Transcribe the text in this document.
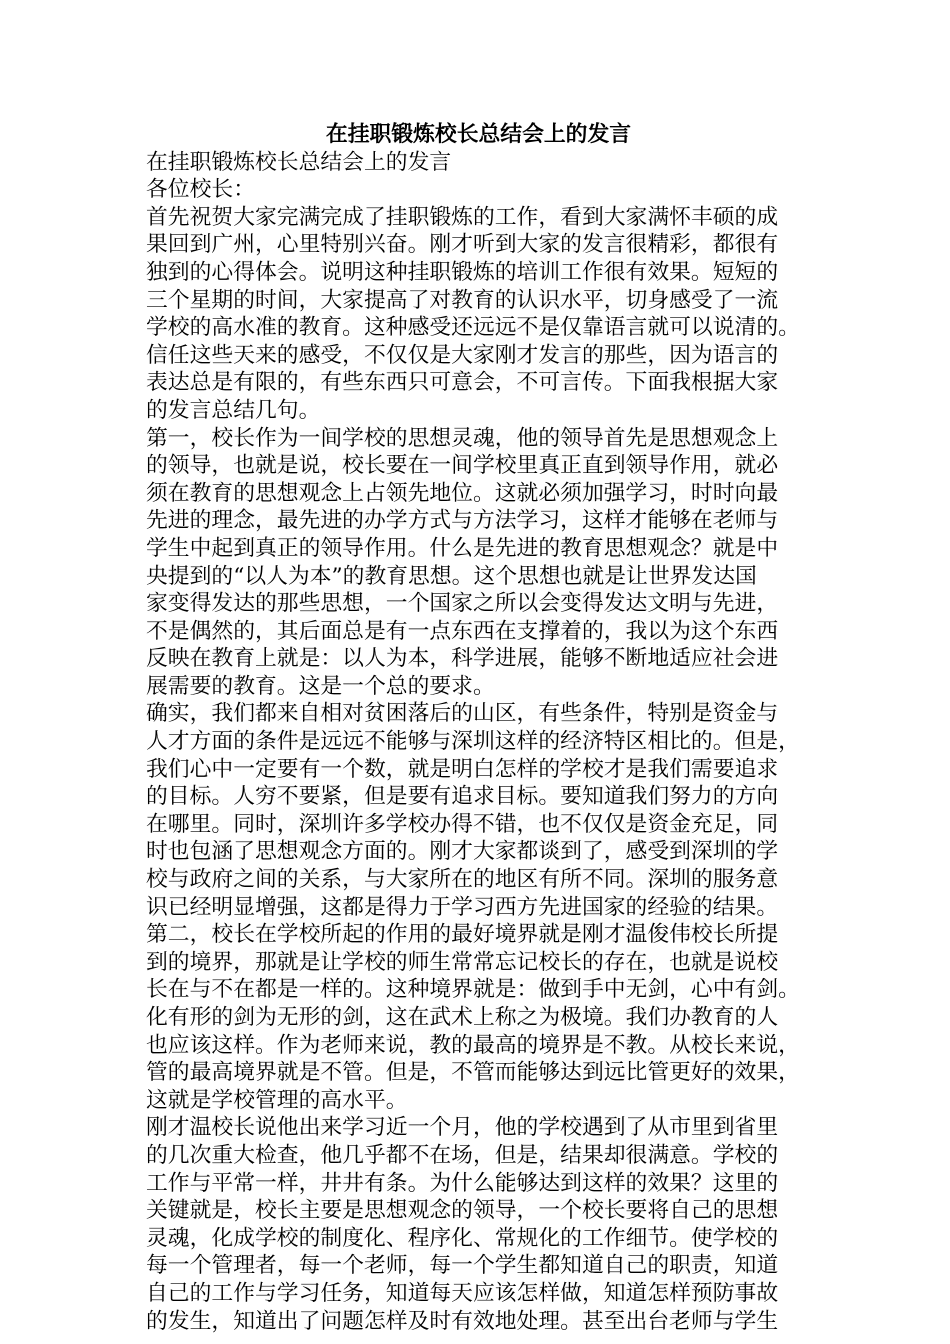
在挂职锻炼校长总结会上的发言

在挂职锻炼校长总结会上的发言

各位校长：

首先祝贺大家完满完成了挂职锻炼的工作，看到大家满怀丰硕的成

果回到广州，心里特别兴奋。刚才听到大家的发言很精彩，都很有

独到的心得体会。说明这种挂职锻炼的培训工作很有效果。短短的

三个星期的时间，大家提高了对教育的认识水平，切身感受了一流

学校的高水准的教育。这种感受还远远不是仅靠语言就可以说清的。

信任这些天来的感受，不仅仅是大家刚才发言的那些，因为语言的

表达总是有限的，有些东西只可意会，不可言传。下面我根据大家

的发言总结几句。

第一，校长作为一间学校的思想灵魂，他的领导首先是思想观念上

的领导，也就是说，校长要在一间学校里真正直到领导作用，就必

须在教育的思想观念上占领先地位。这就必须加强学习，时时向最

先进的理念，最先进的办学方式与方法学习，这样才能够在老师与

学生中起到真正的领导作用。什么是先进的教育思想观念？就是中

央提到的“以人为本”的教育思想。这个思想也就是让世界发达国

家变得发达的那些思想，一个国家之所以会变得发达文明与先进，

不是偶然的，其后面总是有一点东西在支撑着的，我以为这个东西

反映在教育上就是：以人为本，科学进展，能够不断地适应社会进

展需要的教育。这是一个总的要求。

确实，我们都来自相对贫困落后的山区，有些条件，特别是资金与

人才方面的条件是远远不能够与深圳这样的经济特区相比的。但是，

我们心中一定要有一个数，就是明白怎样的学校才是我们需要追求

的目标。人穷不要紧，但是要有追求目标。要知道我们努力的方向

在哪里。同时，深圳许多学校办得不错，也不仅仅是资金充足，同

时也包涵了思想观念方面的。刚才大家都谈到了，感受到深圳的学

校与政府之间的关系，与大家所在的地区有所不同。深圳的服务意

识已经明显增强，这都是得力于学习西方先进国家的经验的结果。

第二，校长在学校所起的作用的最好境界就是刚才温俊伟校长所提

到的境界，那就是让学校的师生常常忘记校长的存在，也就是说校

长在与不在都是一样的。这种境界就是：做到手中无剑，心中有剑。

化有形的剑为无形的剑，这在武术上称之为极境。我们办教育的人

也应该这样。作为老师来说，教的最高的境界是不教。从校长来说，

管的最高境界就是不管。但是，不管而能够达到远比管更好的效果，

这就是学校管理的高水平。

刚才温校长说他出来学习近一个月，他的学校遇到了从市里到省里

的几次重大检查，他几乎都不在场，但是，结果却很满意。学校的

工作与平常一样，井井有条。为什么能够达到这样的效果？这里的

关键就是，校长主要是思想观念的领导，一个校长要将自己的思想

灵魂，化成学校的制度化、程序化、常规化的工作细节。使学校的

每一个管理者，每一个老师，每一个学生都知道自己的职责，知道

自己的工作与学习任务，知道每天应该怎样做，知道怎样预防事故

的发生，知道出了问题怎样及时有效地处理。甚至出台老师与学生
